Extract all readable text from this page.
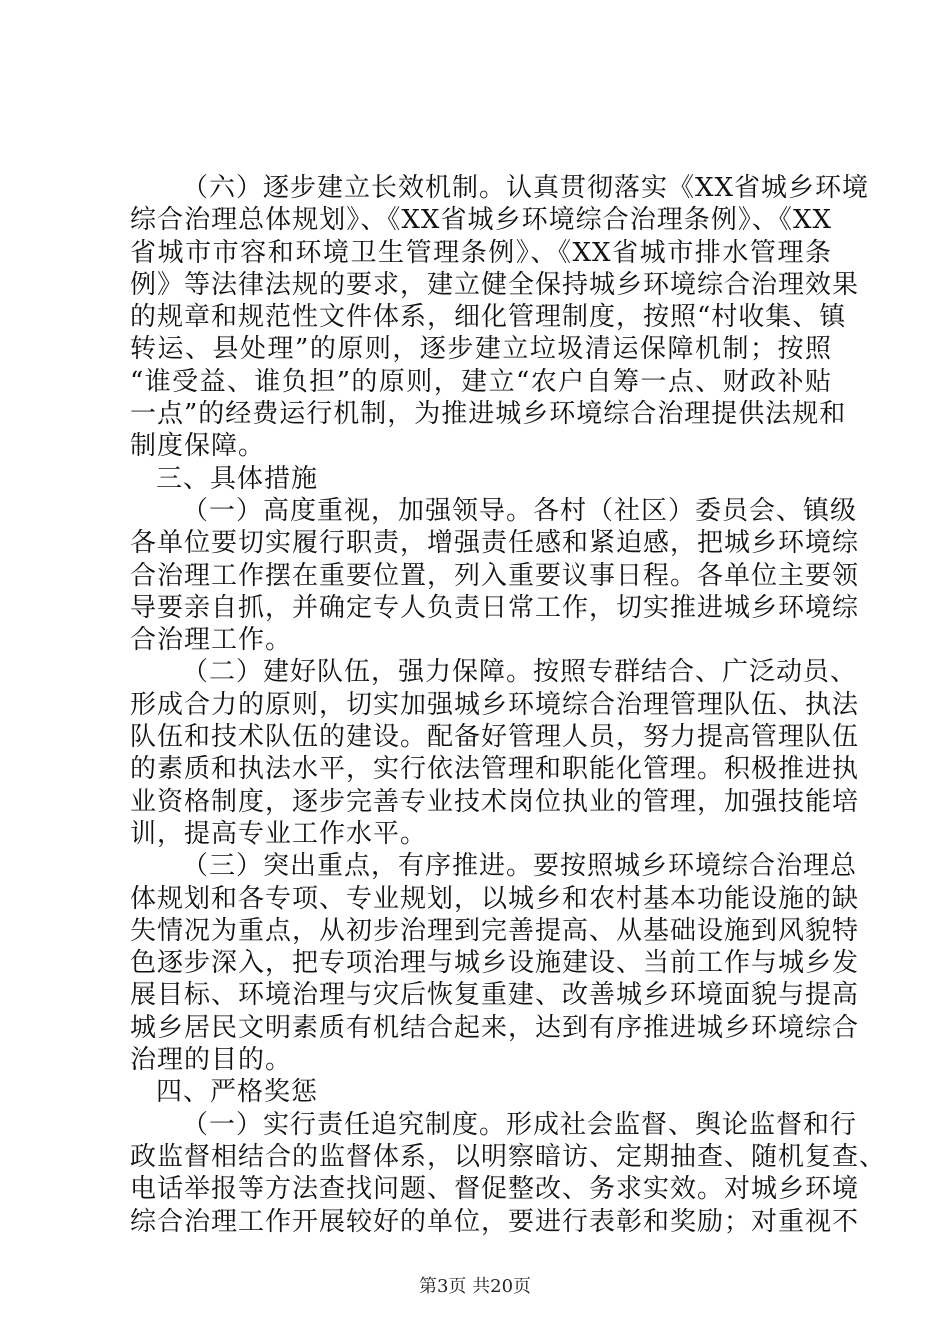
（六）逐步建立长效机制。认真贯彻落实《XX省城乡环境
综合治理总体规划》、《XX省城乡环境综合治理条例》、《XX
省城市市容和环境卫生管理条例》、《XX省城市排水管理条
例》等法律法规的要求，建立健全保持城乡环境综合治理效果
的规章和规范性文件体系，细化管理制度，按照“村收集、镇
转运、县处理”的原则，逐步建立垃圾清运保障机制；按照
“谁受益、谁负担”的原则，建立“农户自筹一点、财政补贴
一点”的经费运行机制，为推进城乡环境综合治理提供法规和
制度保障。
三、具体措施
（一）高度重视，加强领导。各村（社区）委员会、镇级
各单位要切实履行职责，增强责任感和紧迫感，把城乡环境综
合治理工作摆在重要位置，列入重要议事日程。各单位主要领
导要亲自抓，并确定专人负责日常工作，切实推进城乡环境综
合治理工作。
（二）建好队伍，强力保障。按照专群结合、广泛动员、
形成合力的原则，切实加强城乡环境综合治理管理队伍、执法
队伍和技术队伍的建设。配备好管理人员，努力提高管理队伍
的素质和执法水平，实行依法管理和职能化管理。积极推进执
业资格制度，逐步完善专业技术岗位执业的管理，加强技能培
训，提高专业工作水平。
（三）突出重点，有序推进。要按照城乡环境综合治理总
体规划和各专项、专业规划，以城乡和农村基本功能设施的缺
失情况为重点，从初步治理到完善提高、从基础设施到风貌特
色逐步深入，把专项治理与城乡设施建设、当前工作与城乡发
展目标、环境治理与灾后恢复重建、改善城乡环境面貌与提高
城乡居民文明素质有机结合起来，达到有序推进城乡环境综合
治理的目的。
四、严格奖惩
（一）实行责任追究制度。形成社会监督、舆论监督和行
政监督相结合的监督体系，以明察暗访、定期抽查、随机复查、
电话举报等方法查找问题、督促整改、务求实效。对城乡环境
综合治理工作开展较好的单位，要进行表彰和奖励；对重视不
第3页 共20页
